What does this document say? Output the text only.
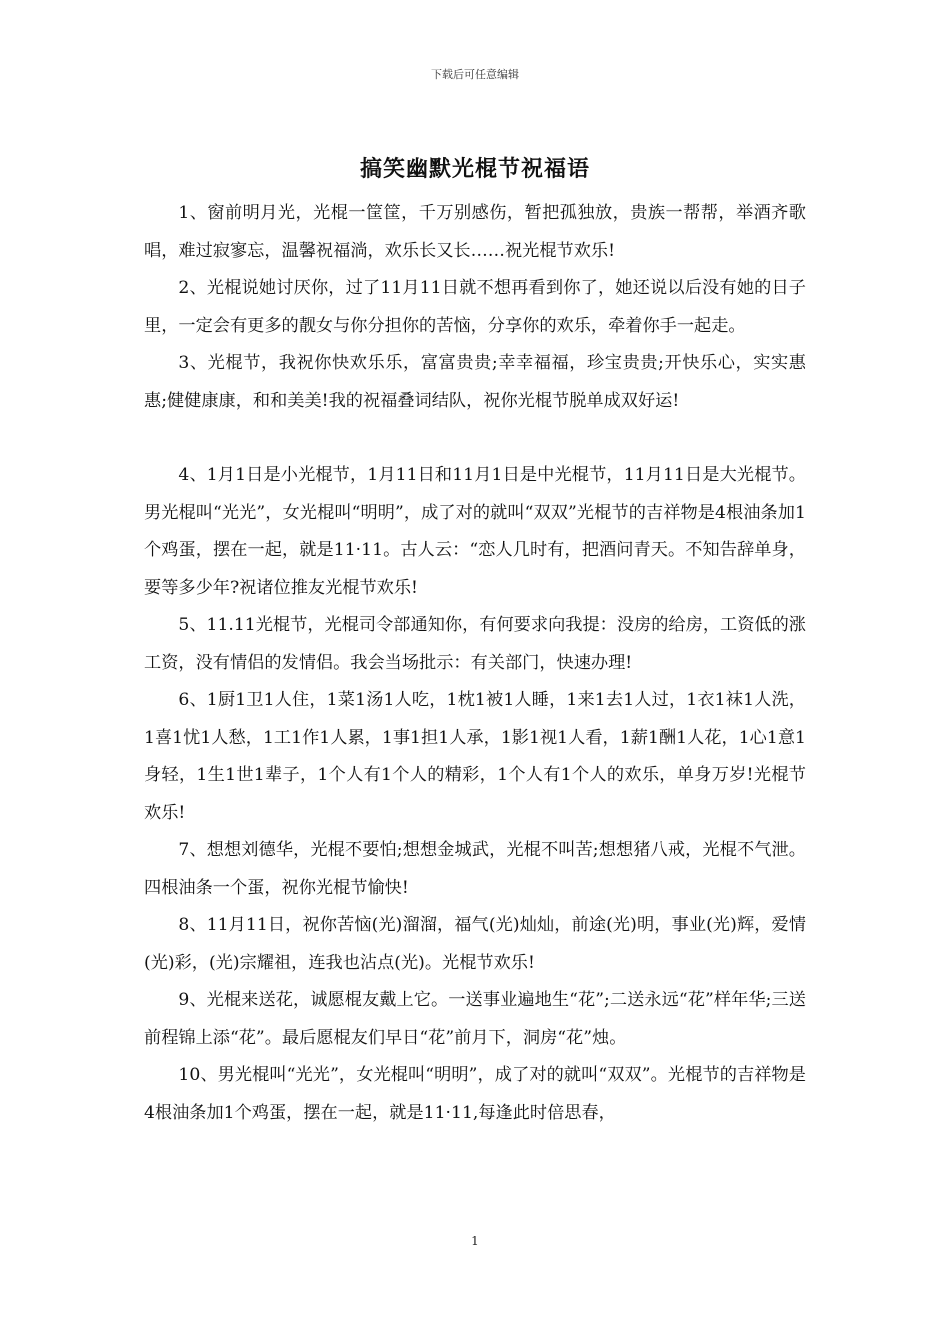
下载后可任意编辑
搞笑幽默光棍节祝福语

1、窗前明月光，光棍一筐筐，千万别感伤，暂把孤独放，贵族一帮帮，举酒齐歌唱，难过寂寥忘，温馨祝福淌，欢乐长又长……祝光棍节欢乐!

2、光棍说她讨厌你，过了11月11日就不想再看到你了，她还说以后没有她的日子里，一定会有更多的靓女与你分担你的苦恼，分享你的欢乐，牵着你手一起走。

3、光棍节，我祝你快欢乐乐，富富贵贵;幸幸福福，珍宝贵贵;开快乐心，实实惠惠;健健康康，和和美美!我的祝福叠词结队，祝你光棍节脱单成双好运!

4、1月1日是小光棍节，1月11日和11月1日是中光棍节，11月11日是大光棍节。男光棍叫“光光”，女光棍叫“明明”，成了对的就叫“双双”光棍节的吉祥物是4根油条加1个鸡蛋，摆在一起，就是11·11。古人云：“恋人几时有，把酒问青天。不知告辞单身，要等多少年?祝诸位推友光棍节欢乐!

5、11.11光棍节，光棍司令部通知你，有何要求向我提：没房的给房，工资低的涨工资，没有情侣的发情侣。我会当场批示：有关部门，快速办理!

6、1厨1卫1人住，1菜1汤1人吃，1枕1被1人睡，1来1去1人过，1衣1袜1人洗，1喜1忧1人愁，1工1作1人累，1事1担1人承，1影1视1人看，1薪1酬1人花，1心1意1身轻，1生1世1辈子，1个人有1个人的精彩，1个人有1个人的欢乐，单身万岁!光棍节欢乐!

7、想想刘德华，光棍不要怕;想想金城武，光棍不叫苦;想想猪八戒，光棍不气泄。四根油条一个蛋，祝你光棍节愉快!

8、11月11日，祝你苦恼(光)溜溜，福气(光)灿灿，前途(光)明，事业(光)辉，爱情(光)彩，(光)宗耀祖，连我也沾点(光)。光棍节欢乐!

9、光棍来送花，诚愿棍友戴上它。一送事业遍地生“花”;二送永远“花”样年华;三送前程锦上添“花”。最后愿棍友们早日“花”前月下，洞房“花”烛。

10、男光棍叫“光光”，女光棍叫“明明”，成了对的就叫“双双”。光棍节的吉祥物是4根油条加1个鸡蛋，摆在一起，就是11·11,每逢此时倍思春，

1
